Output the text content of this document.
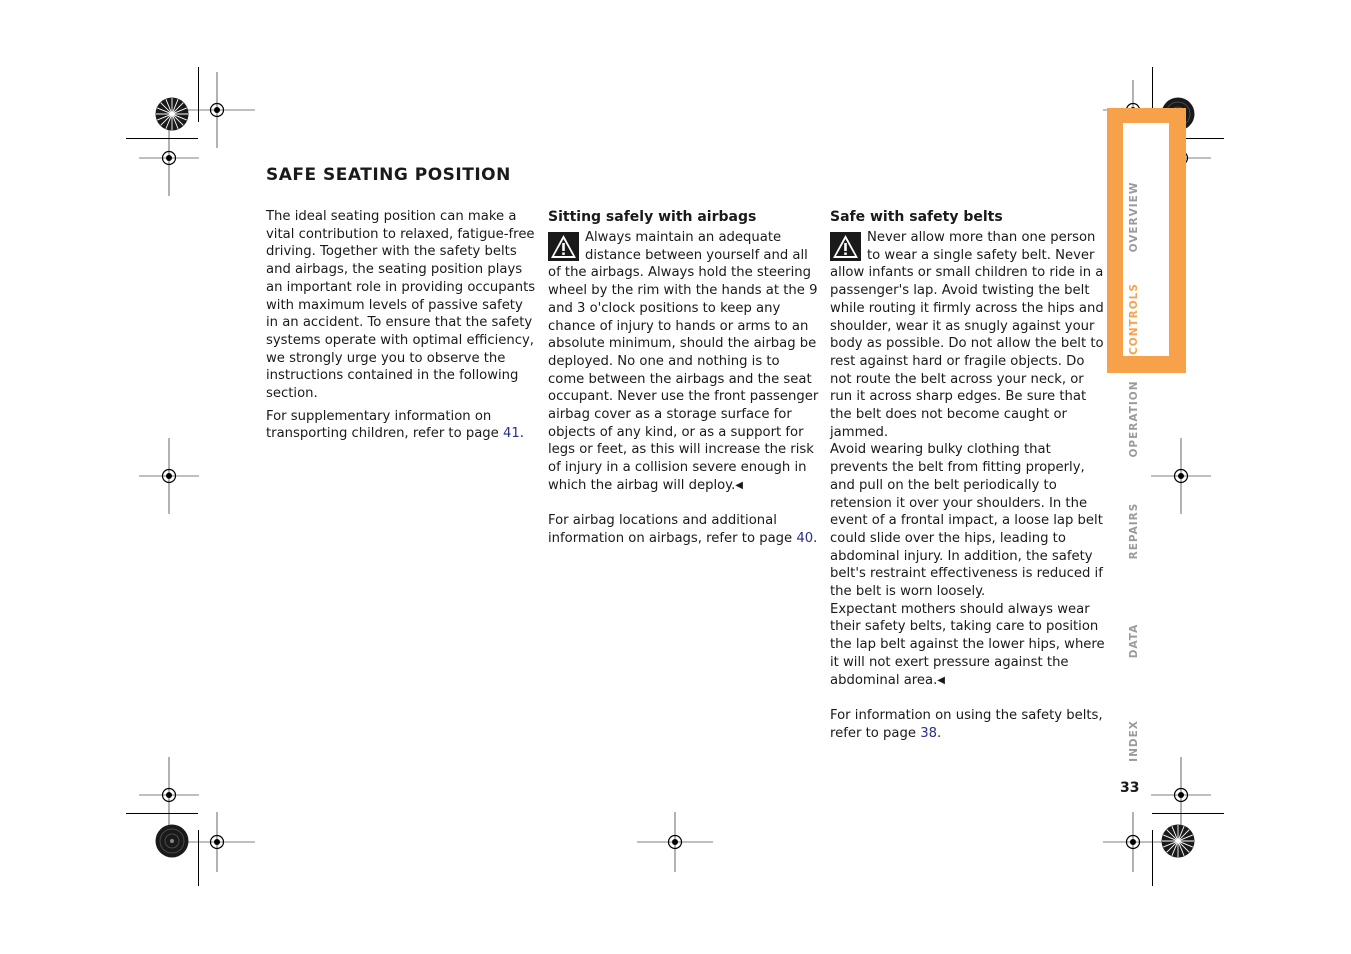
SAFE SEATING POSITION

The ideal seating position can make a vital contribution to relaxed, fatigue-free driving. Together with the safety belts and airbags, the seating position plays an important role in providing occupants with maximum levels of passive safety in an accident. To ensure that the safety systems operate with optimal efficiency, we strongly urge you to observe the instructions contained in the following section.

For supplementary information on transporting children, refer to page 41.

Sitting safely with airbags

Always maintain an adequate distance between yourself and all of the airbags. Always hold the steering wheel by the rim with the hands at the 9 and 3 o'clock positions to keep any chance of injury to hands or arms to an absolute minimum, should the airbag be deployed. No one and nothing is to come between the airbags and the seat occupant. Never use the front passenger airbag cover as a storage surface for objects of any kind, or as a support for legs or feet, as this will increase the risk of injury in a collision severe enough in which the airbag will deploy.◀

For airbag locations and additional information on airbags, refer to page 40.

Safe with safety belts

Never allow more than one person to wear a single safety belt. Never allow infants or small children to ride in a passenger's lap. Avoid twisting the belt while routing it firmly across the hips and shoulder, wear it as snugly against your body as possible. Do not allow the belt to rest against hard or fragile objects. Do not route the belt across your neck, or run it across sharp edges. Be sure that the belt does not become caught or jammed.

Avoid wearing bulky clothing that prevents the belt from fitting properly, and pull on the belt periodically to retension it over your shoulders. In the event of a frontal impact, a loose lap belt could slide over the hips, leading to abdominal injury. In addition, the safety belt's restraint effectiveness is reduced if the belt is worn loosely.

Expectant mothers should always wear their safety belts, taking care to position the lap belt against the lower hips, where it will not exert pressure against the abdominal area.◀

For information on using the safety belts, refer to page 38.

OVERVIEW
CONTROLS
OPERATION
REPAIRS
DATA
INDEX
33
